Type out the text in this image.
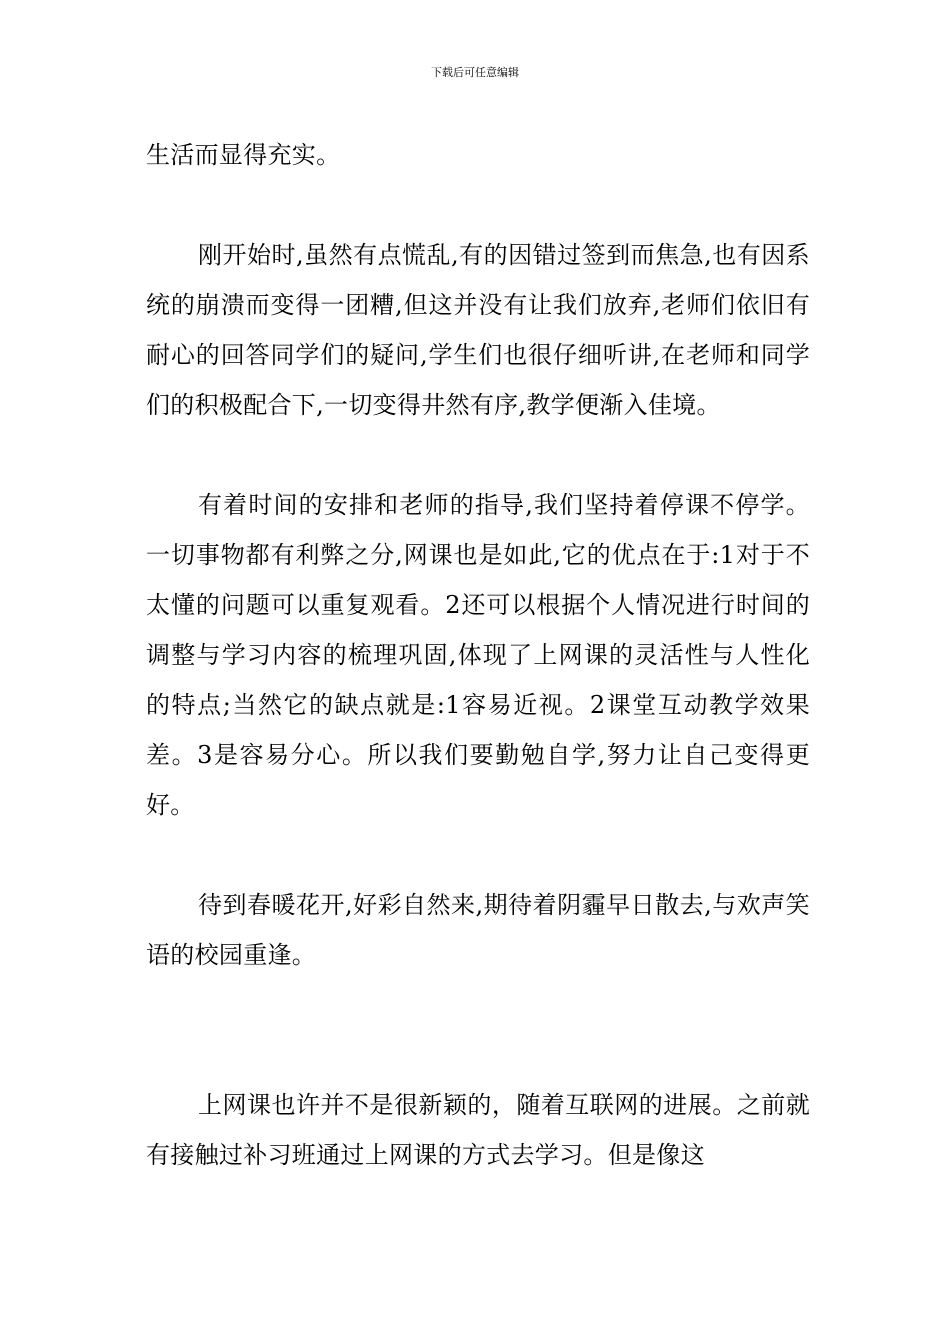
下载后可任意编辑

生活而显得充实。

刚开始时,虽然有点慌乱,有的因错过签到而焦急,也有因系统的崩溃而变得一团糟,但这并没有让我们放弃,老师们依旧有耐心的回答同学们的疑问,学生们也很仔细听讲,在老师和同学们的积极配合下,一切变得井然有序,教学便渐入佳境。

有着时间的安排和老师的指导,我们坚持着停课不停学。一切事物都有利弊之分,网课也是如此,它的优点在于:1对于不太懂的问题可以重复观看。2还可以根据个人情况进行时间的调整与学习内容的梳理巩固,体现了上网课的灵活性与人性化的特点;当然它的缺点就是:1容易近视。2课堂互动教学效果差。3是容易分心。所以我们要勤勉自学,努力让自己变得更好。

待到春暖花开,好彩自然来,期待着阴霾早日散去,与欢声笑语的校园重逢。

上网课也许并不是很新颖的，随着互联网的进展。之前就有接触过补习班通过上网课的方式去学习。但是像这
